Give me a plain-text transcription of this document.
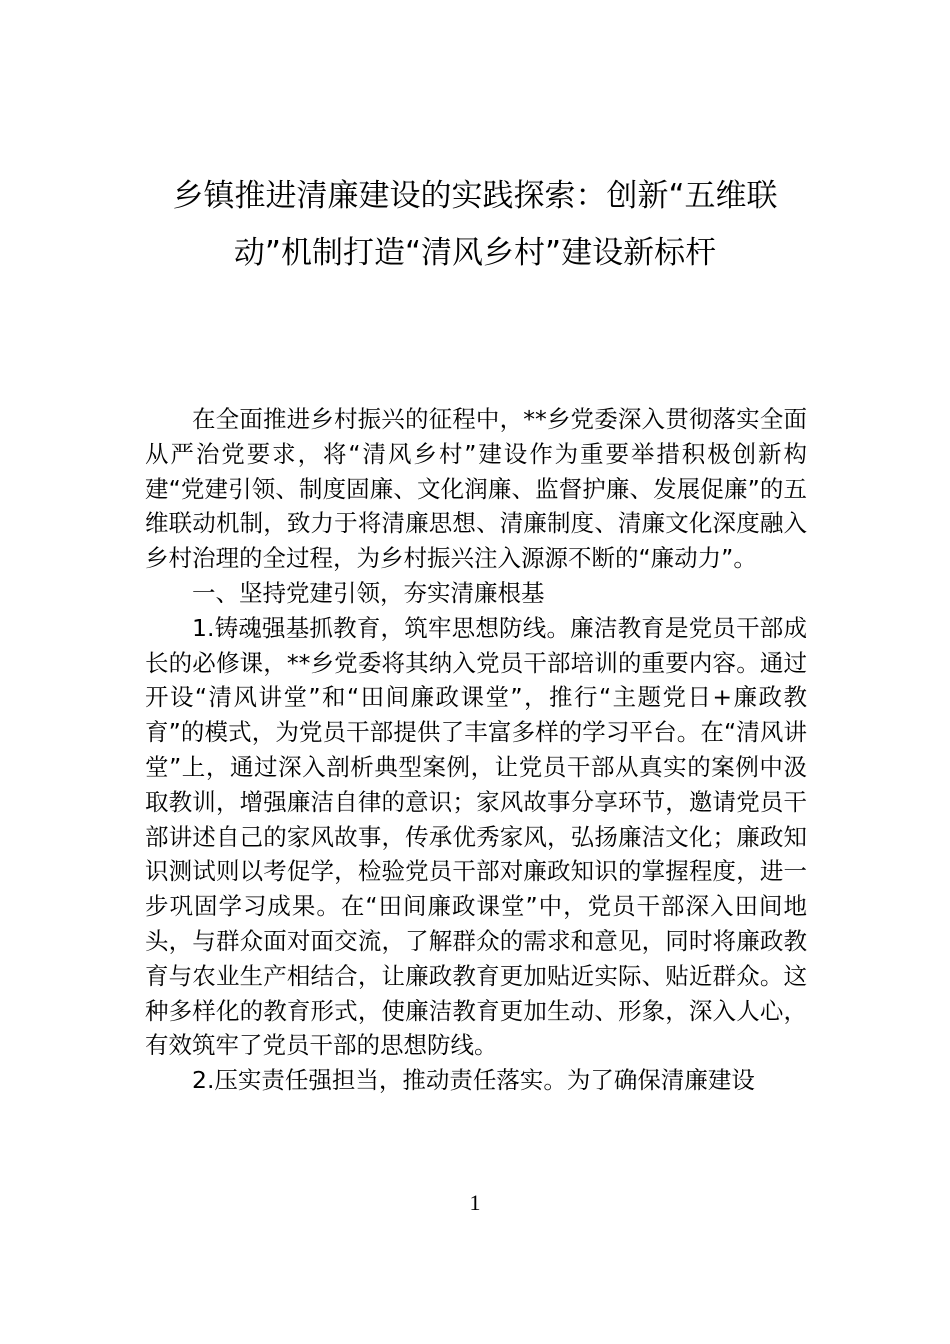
乡镇推进清廉建设的实践探索：创新“五维联动”机制打造“清风乡村”建设新标杆

在全面推进乡村振兴的征程中，**乡党委深入贯彻落实全面从严治党要求，将“清风乡村”建设作为重要举措积极创新构建“党建引领、制度固廉、文化润廉、监督护廉、发展促廉”的五维联动机制，致力于将清廉思想、清廉制度、清廉文化深度融入乡村治理的全过程，为乡村振兴注入源源不断的“廉动力”。

一、坚持党建引领，夯实清廉根基

1.铸魂强基抓教育，筑牢思想防线。廉洁教育是党员干部成长的必修课，**乡党委将其纳入党员干部培训的重要内容。通过开设“清风讲堂”和“田间廉政课堂”，推行“主题党日+廉政教育”的模式，为党员干部提供了丰富多样的学习平台。在“清风讲堂”上，通过深入剖析典型案例，让党员干部从真实的案例中汲取教训，增强廉洁自律的意识；家风故事分享环节，邀请党员干部讲述自己的家风故事，传承优秀家风，弘扬廉洁文化；廉政知识测试则以考促学，检验党员干部对廉政知识的掌握程度，进一步巩固学习成果。在“田间廉政课堂”中，党员干部深入田间地头，与群众面对面交流，了解群众的需求和意见，同时将廉政教育与农业生产相结合，让廉政教育更加贴近实际、贴近群众。这种多样化的教育形式，使廉洁教育更加生动、形象，深入人心，有效筑牢了党员干部的思想防线。

2.压实责任强担当，推动责任落实。为了确保清廉建设

1
